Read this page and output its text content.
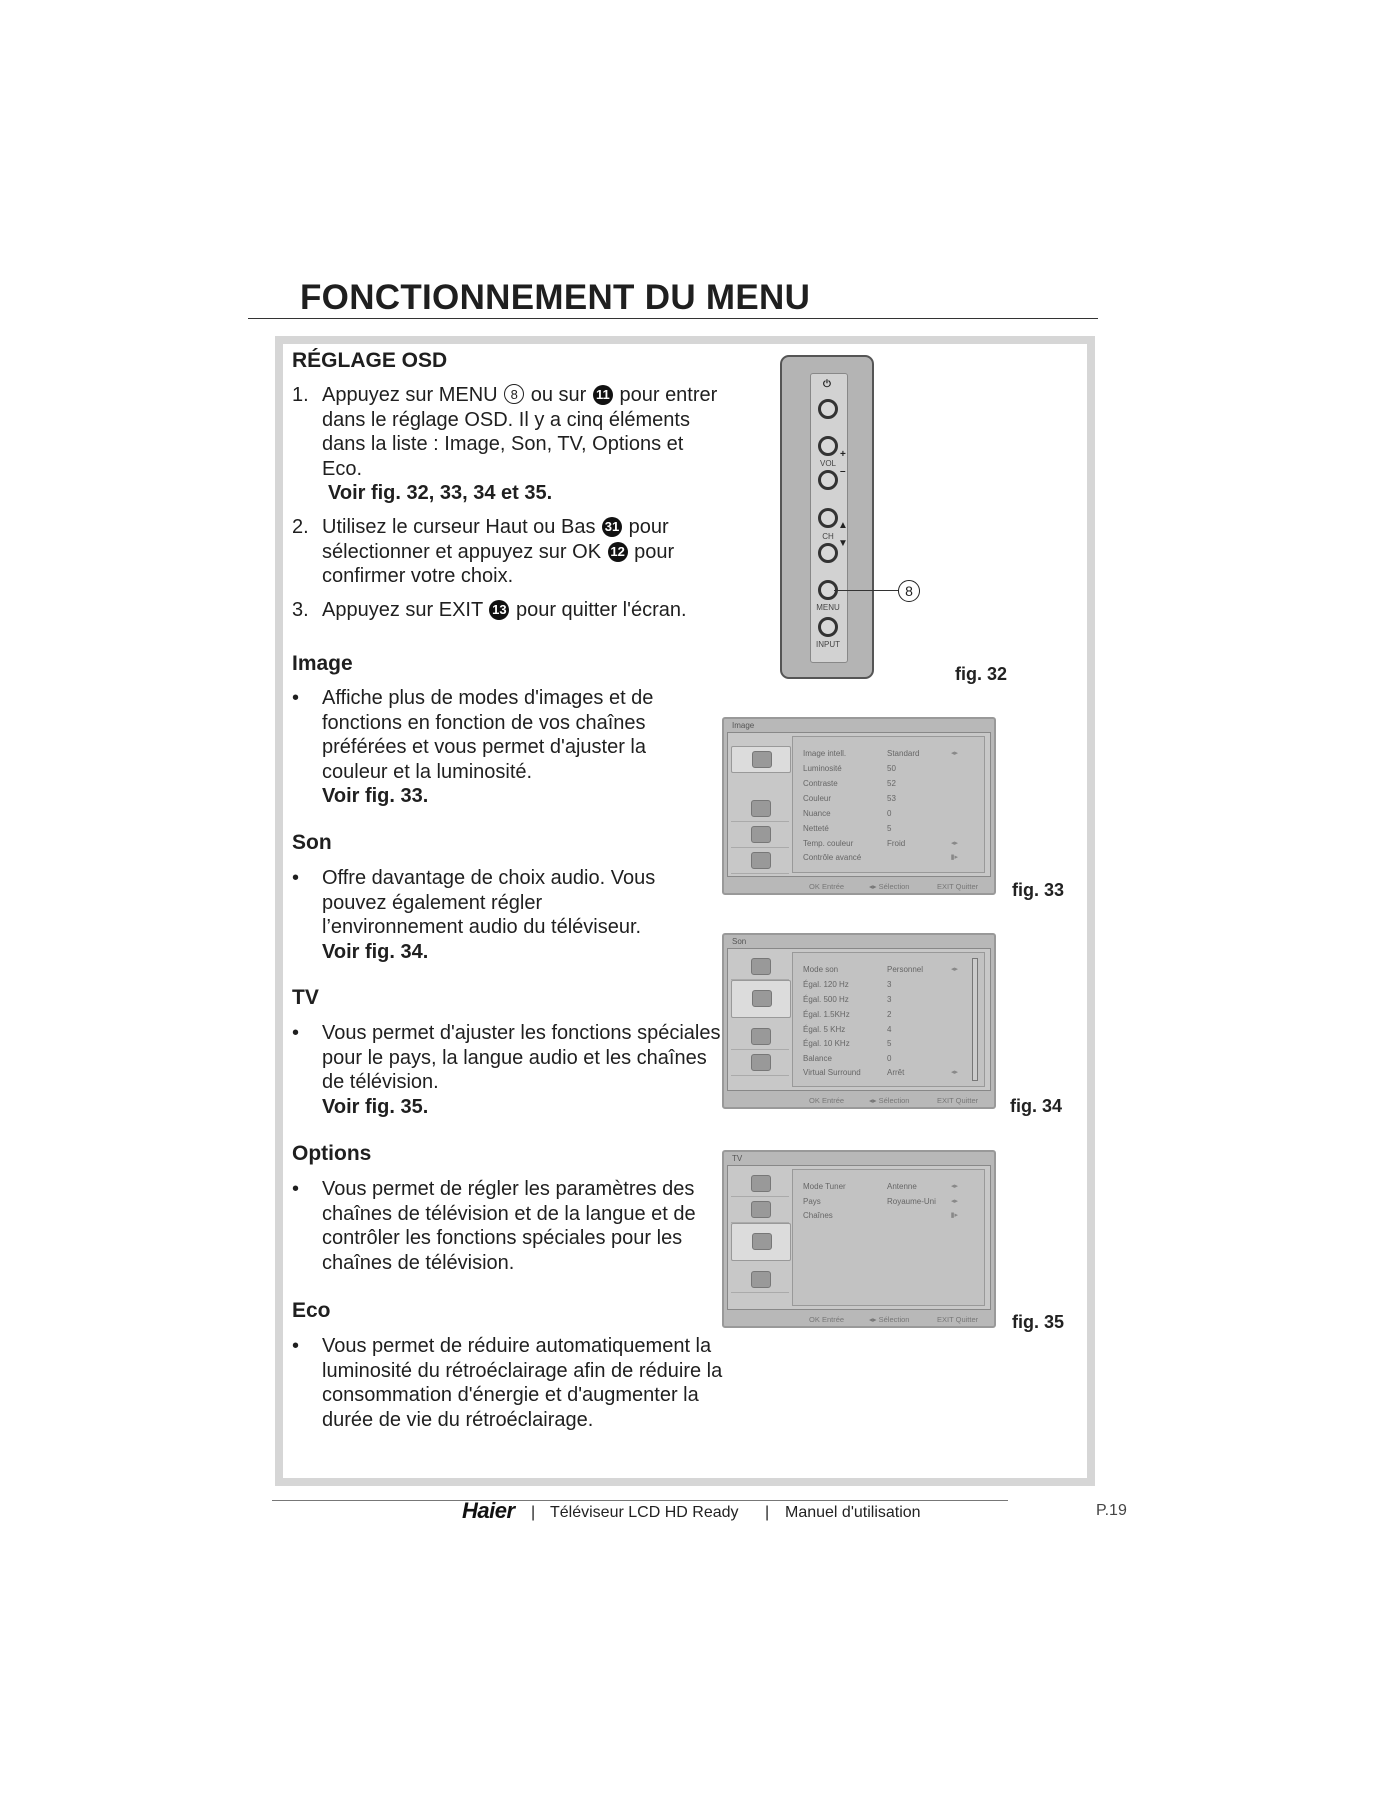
FONCTIONNEMENT DU MENU
RÉGLAGE OSD
1. Appuyez sur MENU 8 ou sur 11 pour entrer dans le réglage OSD. Il y a cinq éléments dans la liste : Image, Son, TV, Options et Eco.
Voir fig. 32, 33, 34 et 35.
2. Utilisez le curseur Haut ou Bas 31 pour sélectionner et appuyez sur OK 12 pour confirmer votre choix.
3. Appuyez sur EXIT 13 pour quitter l'écran.
Image
• Affiche plus de modes d'images et de fonctions en fonction de vos chaînes préférées et vous permet d'ajuster la couleur et la luminosité.
Voir fig. 33.
Son
• Offre davantage de choix audio. Vous pouvez également régler l’environnement audio du téléviseur.
Voir fig. 34.
TV
• Vous permet d'ajuster les fonctions spéciales pour le pays, la langue audio et les chaînes de télévision.
Voir fig. 35.
Options
• Vous permet de régler les paramètres des chaînes de télévision et de la langue et de contrôler les fonctions spéciales pour les chaînes de télévision.
Eco
• Vous permet de réduire automatiquement la luminosité du rétroéclairage afin de réduire la consommation d'énergie et d'augmenter la durée de vie du rétroéclairage.
⏻
+
VOL
–
▲
CH
▼
MENU
INPUT
8
fig. 32
Image
Image intell.	Standard	◂▸
Luminosité	50
Contraste	52
Couleur	53
Nuance	0
Netteté	5
Temp. couleur	Froid	◂▸
Contrôle avancé	▮▸
OK Entrée	◂▸ Sélection	EXIT Quitter fig. 33
Son
Mode son	Personnel	◂▸
Égal. 120 Hz	3
Égal. 500 Hz	3
Égal. 1.5KHz	2
Égal. 5 KHz	4
Égal. 10 KHz	5
Balance	0
Virtual Surround	Arrêt	◂▸
OK Entrée	◂▸ Sélection	EXIT Quitter fig. 34
TV
Mode Tuner	Antenne	◂▸
Pays	Royaume-Uni ◂▸
Chaînes	▮▸
OK Entrée	◂▸ Sélection	EXIT Quitter fig. 35
Haier | Téléviseur LCD HD Ready | Manuel d'utilisation	P.19
